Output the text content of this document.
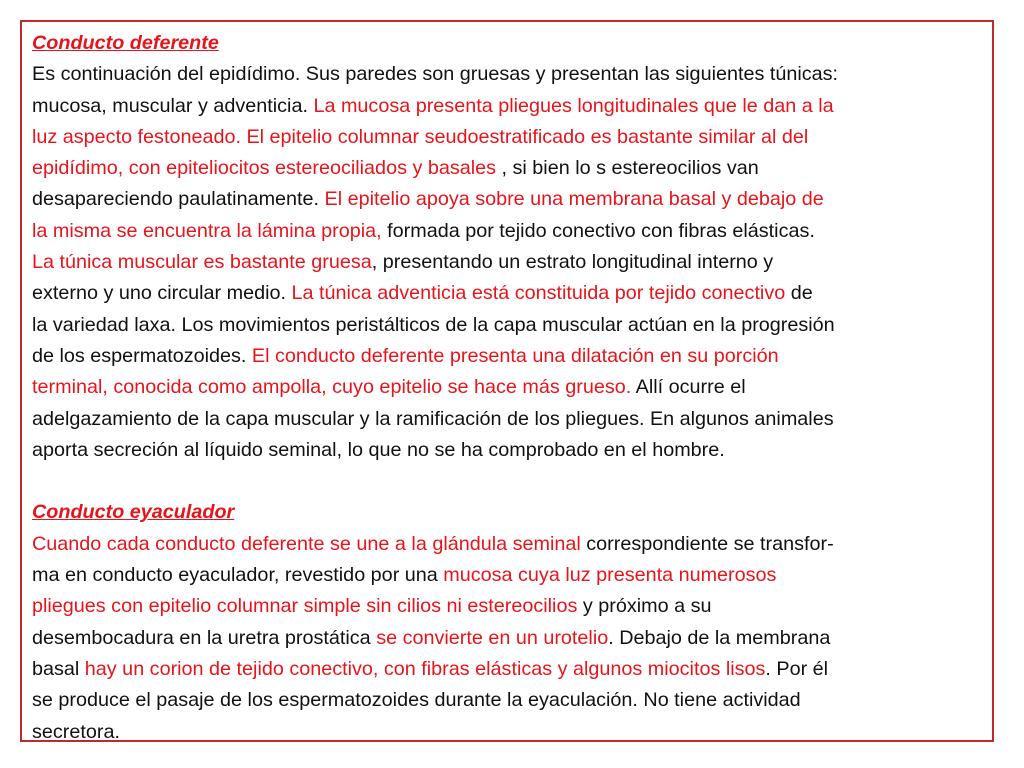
Conducto deferente
Es continuación del epidídimo. Sus paredes son gruesas y presentan las siguientes túnicas:
mucosa, muscular y adventicia. La mucosa presenta pliegues longitudinales que le dan a la
luz aspecto festoneado. El epitelio columnar seudoestratificado es bastante similar al del
epidídimo, con epiteliocitos estereociliados y basales , si bien lo s estereocilios van
desapareciendo paulatinamente. El epitelio apoya sobre una membrana basal y debajo de
la misma se encuentra la lámina propia, formada por tejido conectivo con fibras elásticas.
La túnica muscular es bastante gruesa, presentando un estrato longitudinal interno y
externo y uno circular medio. La túnica adventicia está constituida por tejido conectivo de
la variedad laxa. Los movimientos peristálticos de la capa muscular actúan en la progresión
de los espermatozoides. El conducto deferente presenta una dilatación en su porción
terminal, conocida como ampolla, cuyo epitelio se hace más grueso. Allí ocurre el
adelgazamiento de la capa muscular y la ramificación de los pliegues. En algunos animales
aporta secreción al líquido seminal, lo que no se ha comprobado en el hombre.
Conducto eyaculador
Cuando cada conducto deferente se une a la glándula seminal correspondiente se transfor-
ma en conducto eyaculador, revestido por una mucosa cuya luz presenta numerosos
pliegues con epitelio columnar simple sin cilios ni estereocilios y próximo a su
desembocadura en la uretra prostática se convierte en un urotelio. Debajo de la membrana
basal hay un corion de tejido conectivo, con fibras elásticas y algunos miocitos lisos. Por él
se produce el pasaje de los espermatozoides durante la eyaculación. No tiene actividad
secretora.
